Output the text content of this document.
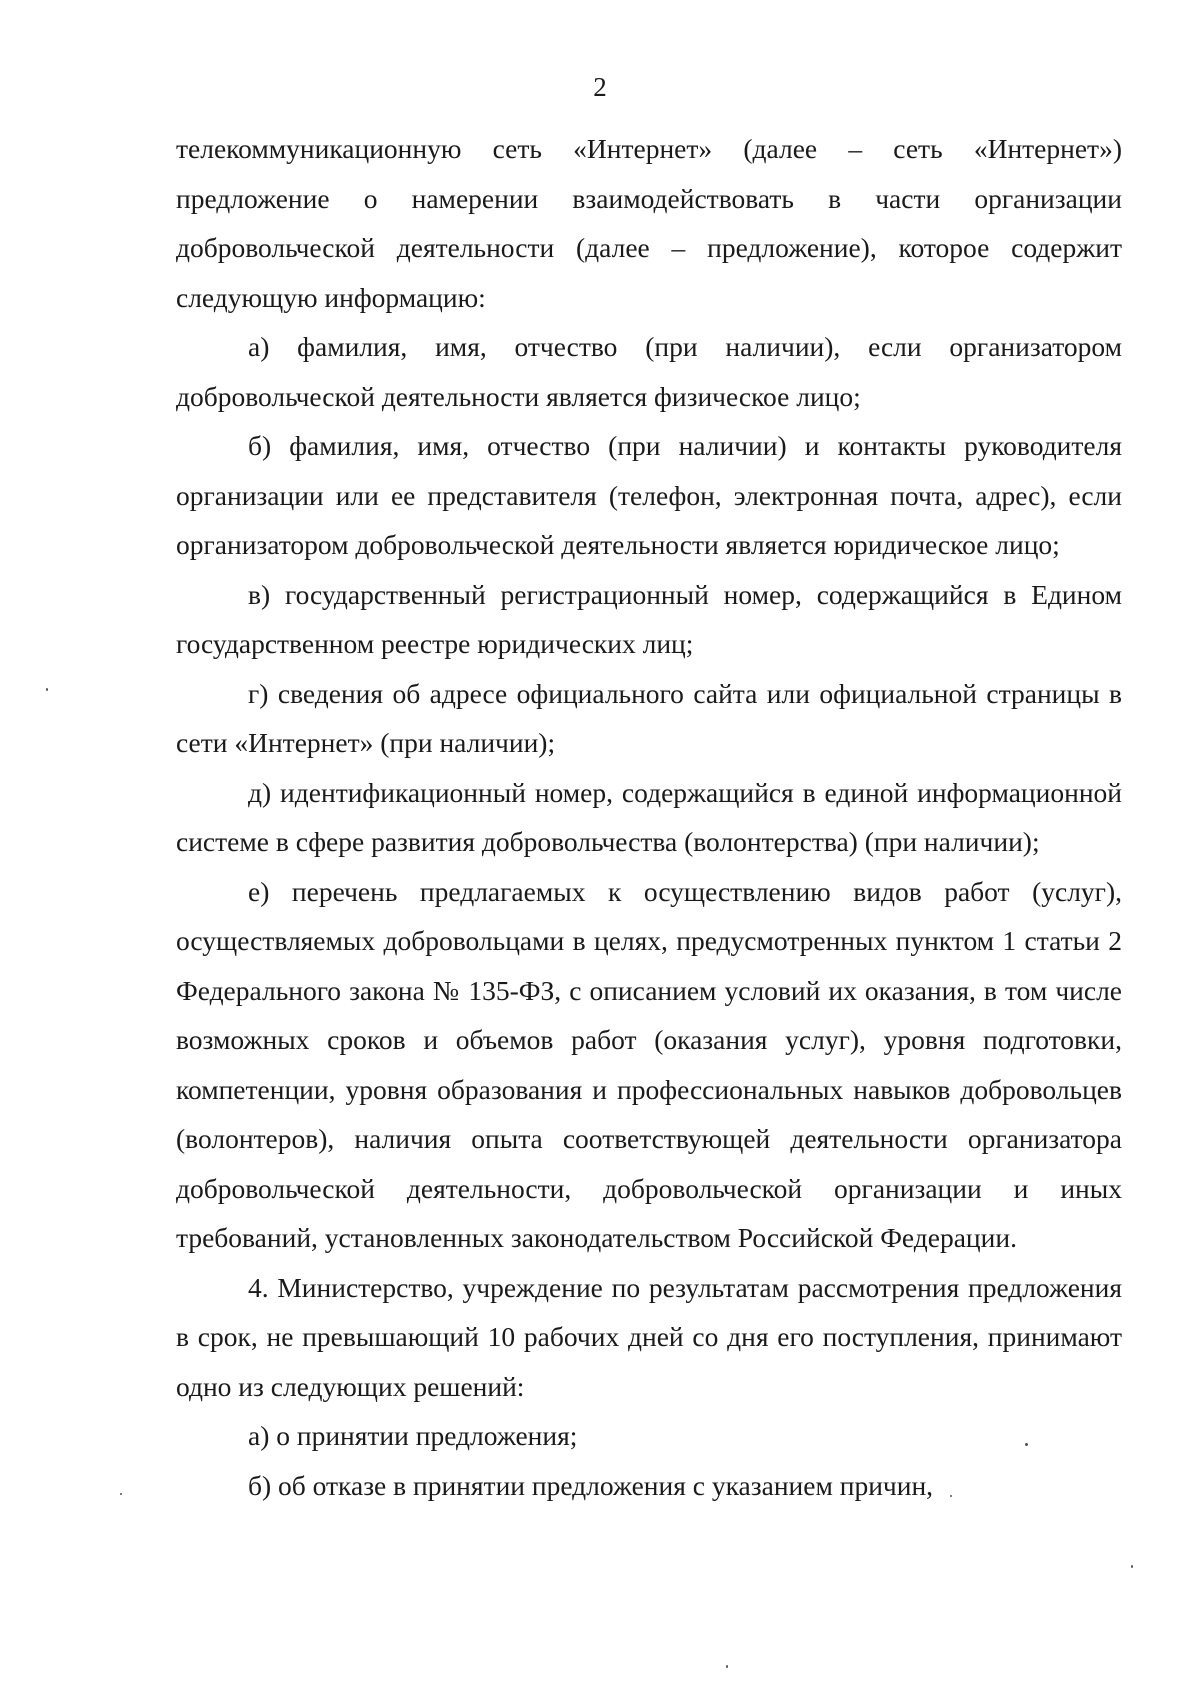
2

телекоммуникационную сеть «Интернет» (далее – сеть «Интернет») предложение о намерении взаимодействовать в части организации добровольческой деятельности (далее – предложение), которое содержит следующую информацию:

а) фамилия, имя, отчество (при наличии), если организатором добровольческой деятельности является физическое лицо;

б) фамилия, имя, отчество (при наличии) и контакты руководителя организации или ее представителя (телефон, электронная почта, адрес), если организатором добровольческой деятельности является юридическое лицо;

в) государственный регистрационный номер, содержащийся в Едином государственном реестре юридических лиц;

г) сведения об адресе официального сайта или официальной страницы в сети «Интернет» (при наличии);

д) идентификационный номер, содержащийся в единой информационной системе в сфере развития добровольчества (волонтерства) (при наличии);

е) перечень предлагаемых к осуществлению видов работ (услуг), осуществляемых добровольцами в целях, предусмотренных пунктом 1 статьи 2 Федерального закона № 135-ФЗ, с описанием условий их оказания, в том числе возможных сроков и объемов работ (оказания услуг), уровня подготовки, компетенции, уровня образования и профессиональных навыков добровольцев (волонтеров), наличия опыта соответствующей деятельности организатора добровольческой деятельности, добровольческой организации и иных требований, установленных законодательством Российской Федерации.

4. Министерство, учреждение по результатам рассмотрения предложения в срок, не превышающий 10 рабочих дней со дня его поступления, принимают одно из следующих решений:

а) о принятии предложения;

б) об отказе в принятии предложения с указанием причин,
